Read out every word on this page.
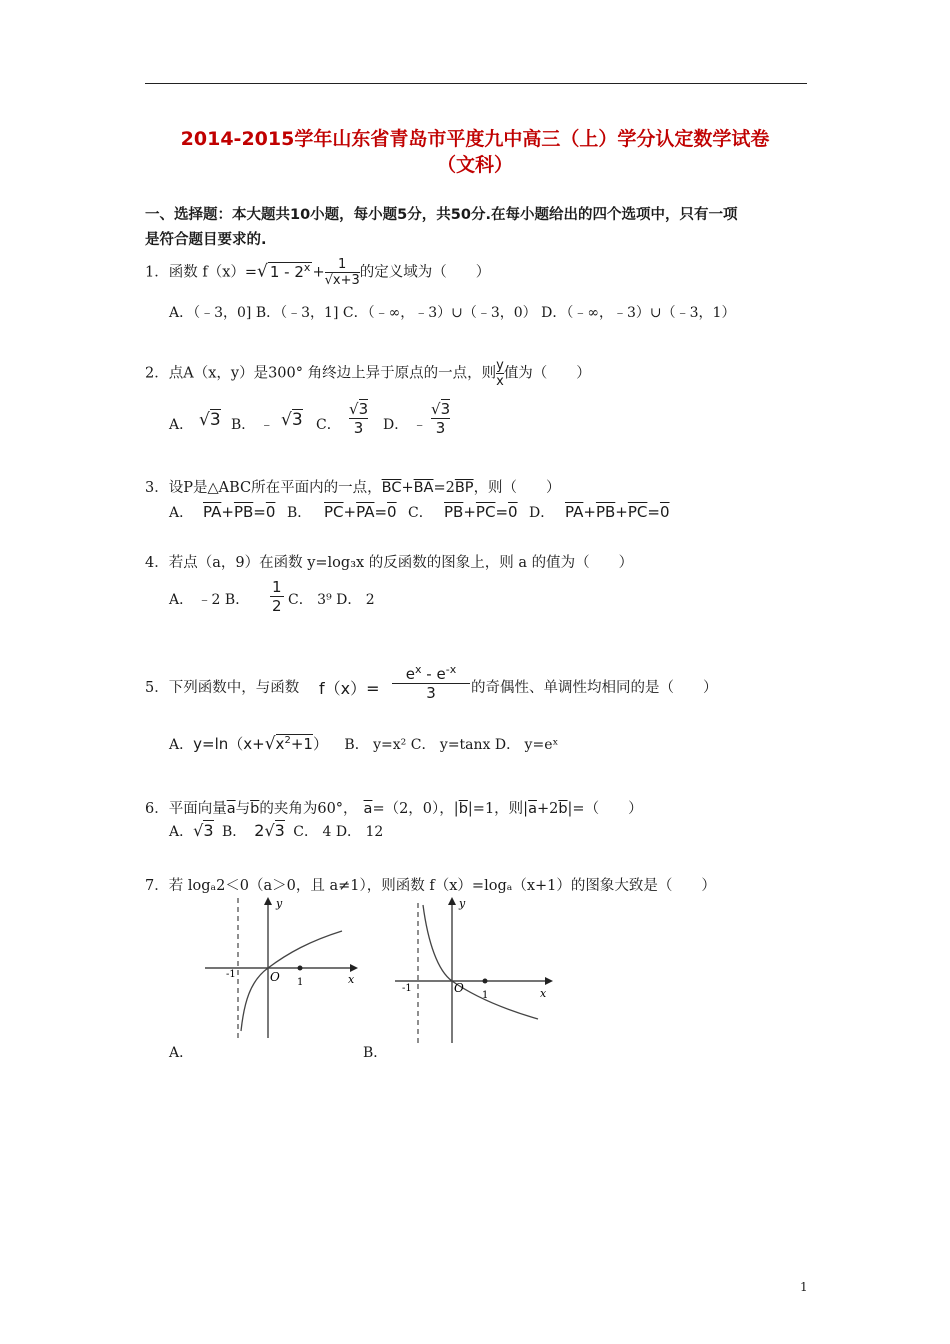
2014-2015学年山东省青岛市平度九中高三（上）学分认定数学试卷
（文科）
一、选择题：本大题共10小题，每小题5分，共50分.在每小题给出的四个选项中，只有一项
是符合题目要求的.
1．函数 f（x）=√ $1 - 2^x + \frac{1}{√x+3}$ 的定义域为（　　）
A．（﹣3，0] B．（﹣3，1] C．（﹣∞，﹣3）∪（﹣3，0） D．（﹣∞，﹣3）∪（﹣3，1）
2．点A（x，y）是300° 角终边上异于原点的一点，则 $\frac{y}{x}$ 值为（　　）
A． √3 B． ﹣ √3 C．
√3
3	D． ﹣
√3
3
3．设P是△ABC所在平面内的一点，$\overline{BC}+\overline{BA}=2\overline{BP}$，则（　　）
A． $\overline{PA}+\overline{PB}=0$ B． $\overline{PC}+\overline{PA}=0$ C． $\overline{PB}+\overline{PC}=0$ D． $\overline{PA}+\overline{PB}+\overline{PC}=0$
4．若点（a，9）在函数 y=log₃x 的反函数的图象上，则 a 的值为（　　）
A． ﹣2 B．
1
2 C． 3⁹ D． 2
5．下列函数中，与函数 f（x）=
$e^x - e^{-x}$
3	的奇偶性、单调性均相同的是（　　）
A．$y=\ln(x+√x^2+1)$ B． y=x² C． y=tanx D． y=eˣ
6．平面向量$\overline{a}$与$\overline{b}$的夹角为60°， $\overline{a}=(2$，0），$|\overline{b}|=1$，则$|\overline{a}+2\overline{b}|=$（　　）
A．√3 B． 2√3 C． 4 D． 12
7．若 logₐ2＜0（a＞0，且 a≠1），则函数 f（x）=logₐ（x+1）的图象大致是（　　）
y
x
O
-1
1
y
x
O
-1
1
A．	B．
1
